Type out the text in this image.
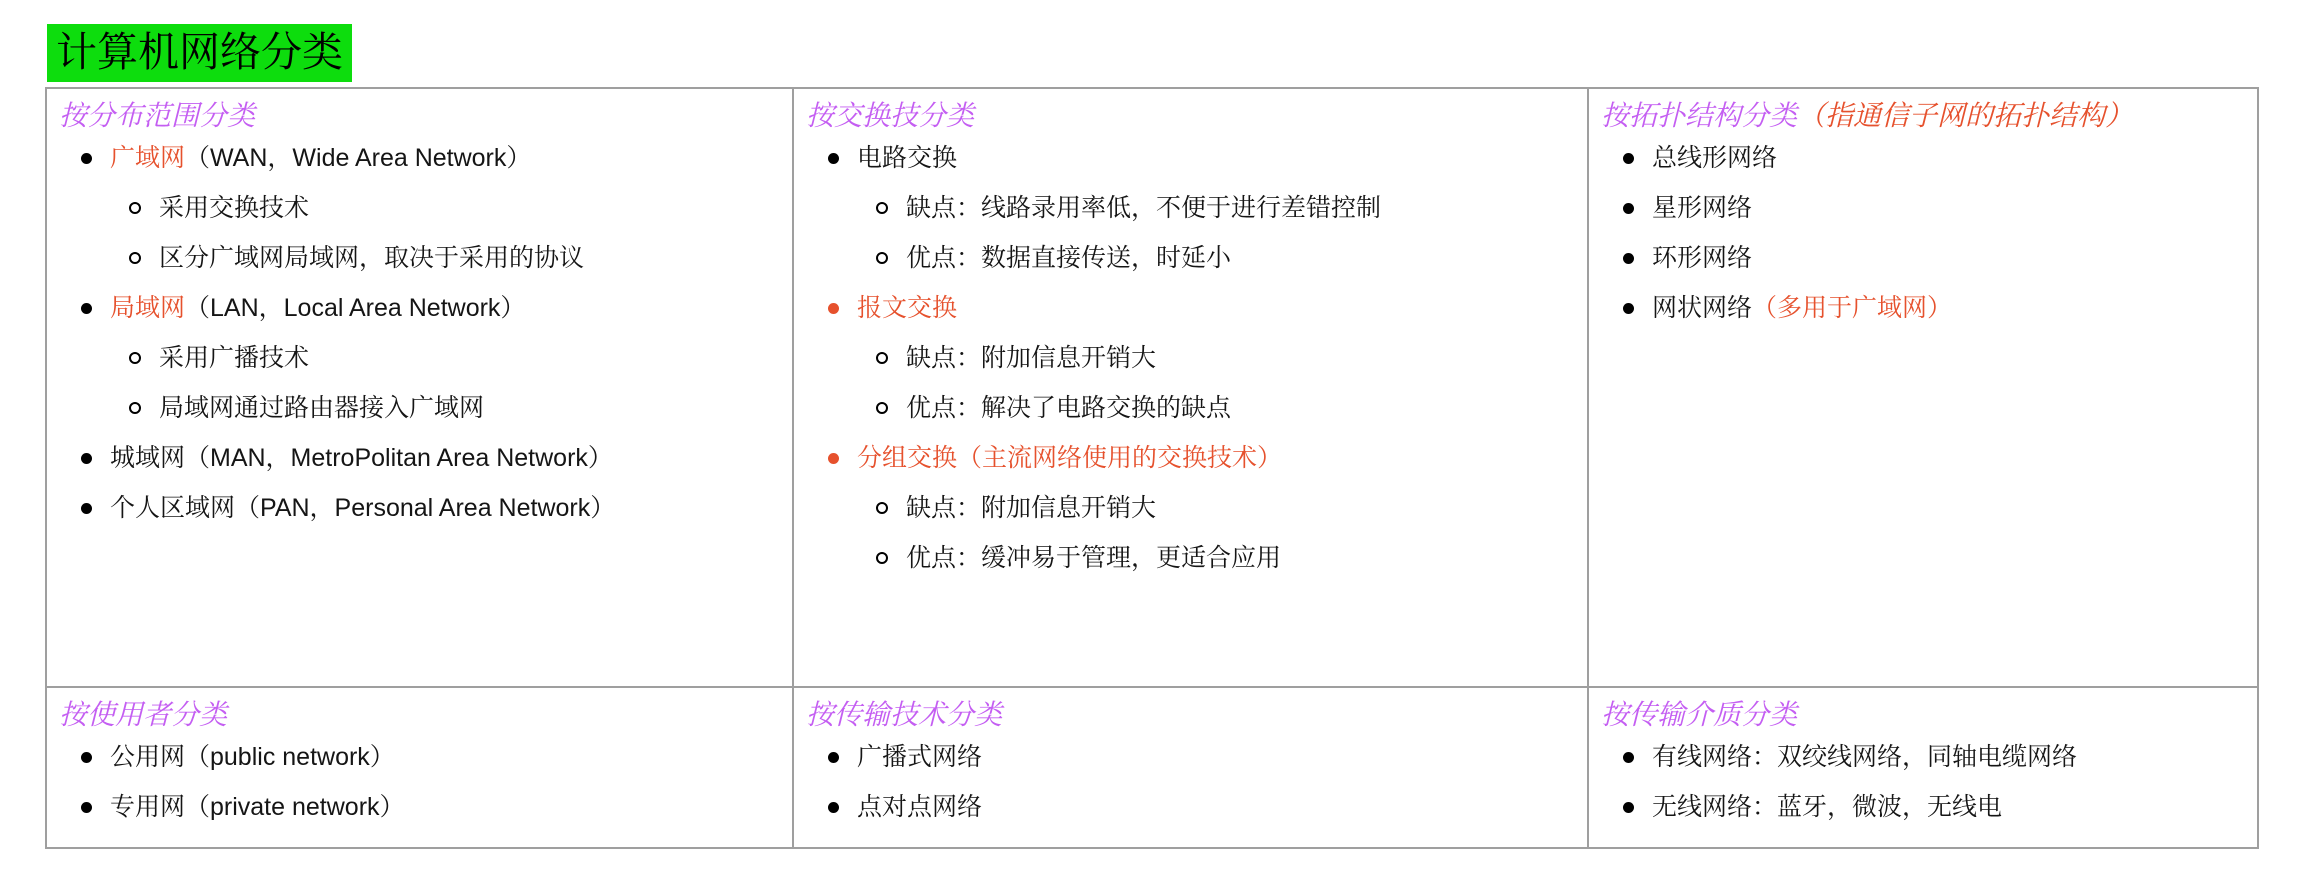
计算机网络分类
按分布范围分类
广域网（WAN，Wide Area Network）
采用交换技术
区分广域网局域网，取决于采用的协议
局域网（LAN，Local Area Network）
采用广播技术
局域网通过路由器接入广域网
城域网（MAN，MetroPolitan Area Network）
个人区域网（PAN，Personal Area Network）
按交换技分类
电路交换
缺点：线路录用率低，不便于进行差错控制
优点：数据直接传送，时延小
报文交换
缺点：附加信息开销大
优点：解决了电路交换的缺点
分组交换（主流网络使用的交换技术）
缺点：附加信息开销大
优点：缓冲易于管理，更适合应用
按拓扑结构分类（指通信子网的拓扑结构）
总线形网络
星形网络
环形网络
网状网络（多用于广域网）
按使用者分类
公用网（public network）
专用网（private network）
按传输技术分类
广播式网络
点对点网络
按传输介质分类
有线网络：双绞线网络，同轴电缆网络
无线网络：蓝牙，微波，无线电
